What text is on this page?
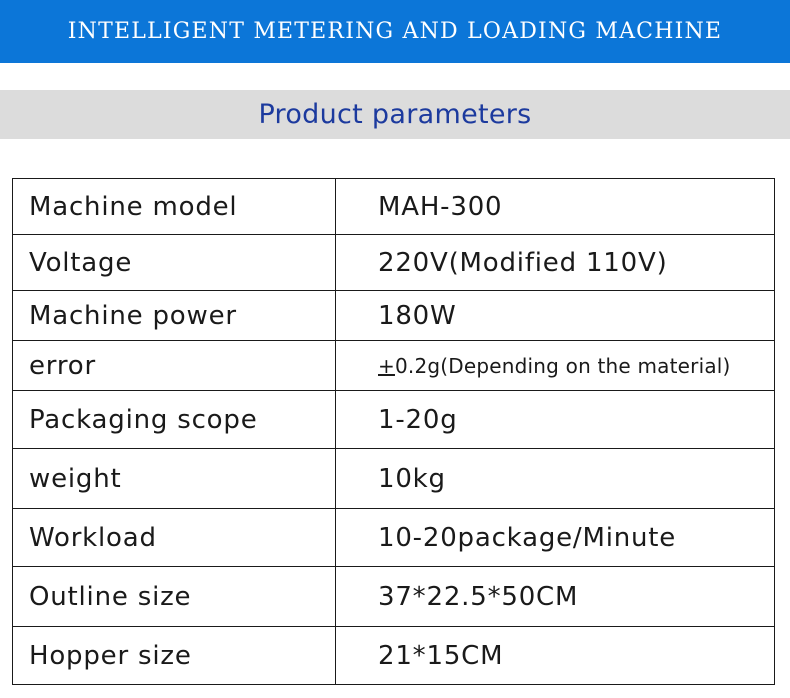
INTELLIGENT METERING AND LOADING MACHINE
Product parameters
Machine model	MAH-300
Voltage	220V(Modified 110V)
Machine power	180W
error	+0.2g(Depending on the material)
Packaging scope	1-20g
weight	10kg
Workload	10-20package/Minute
Outline size	37*22.5*50CM
Hopper size	21*15CM
